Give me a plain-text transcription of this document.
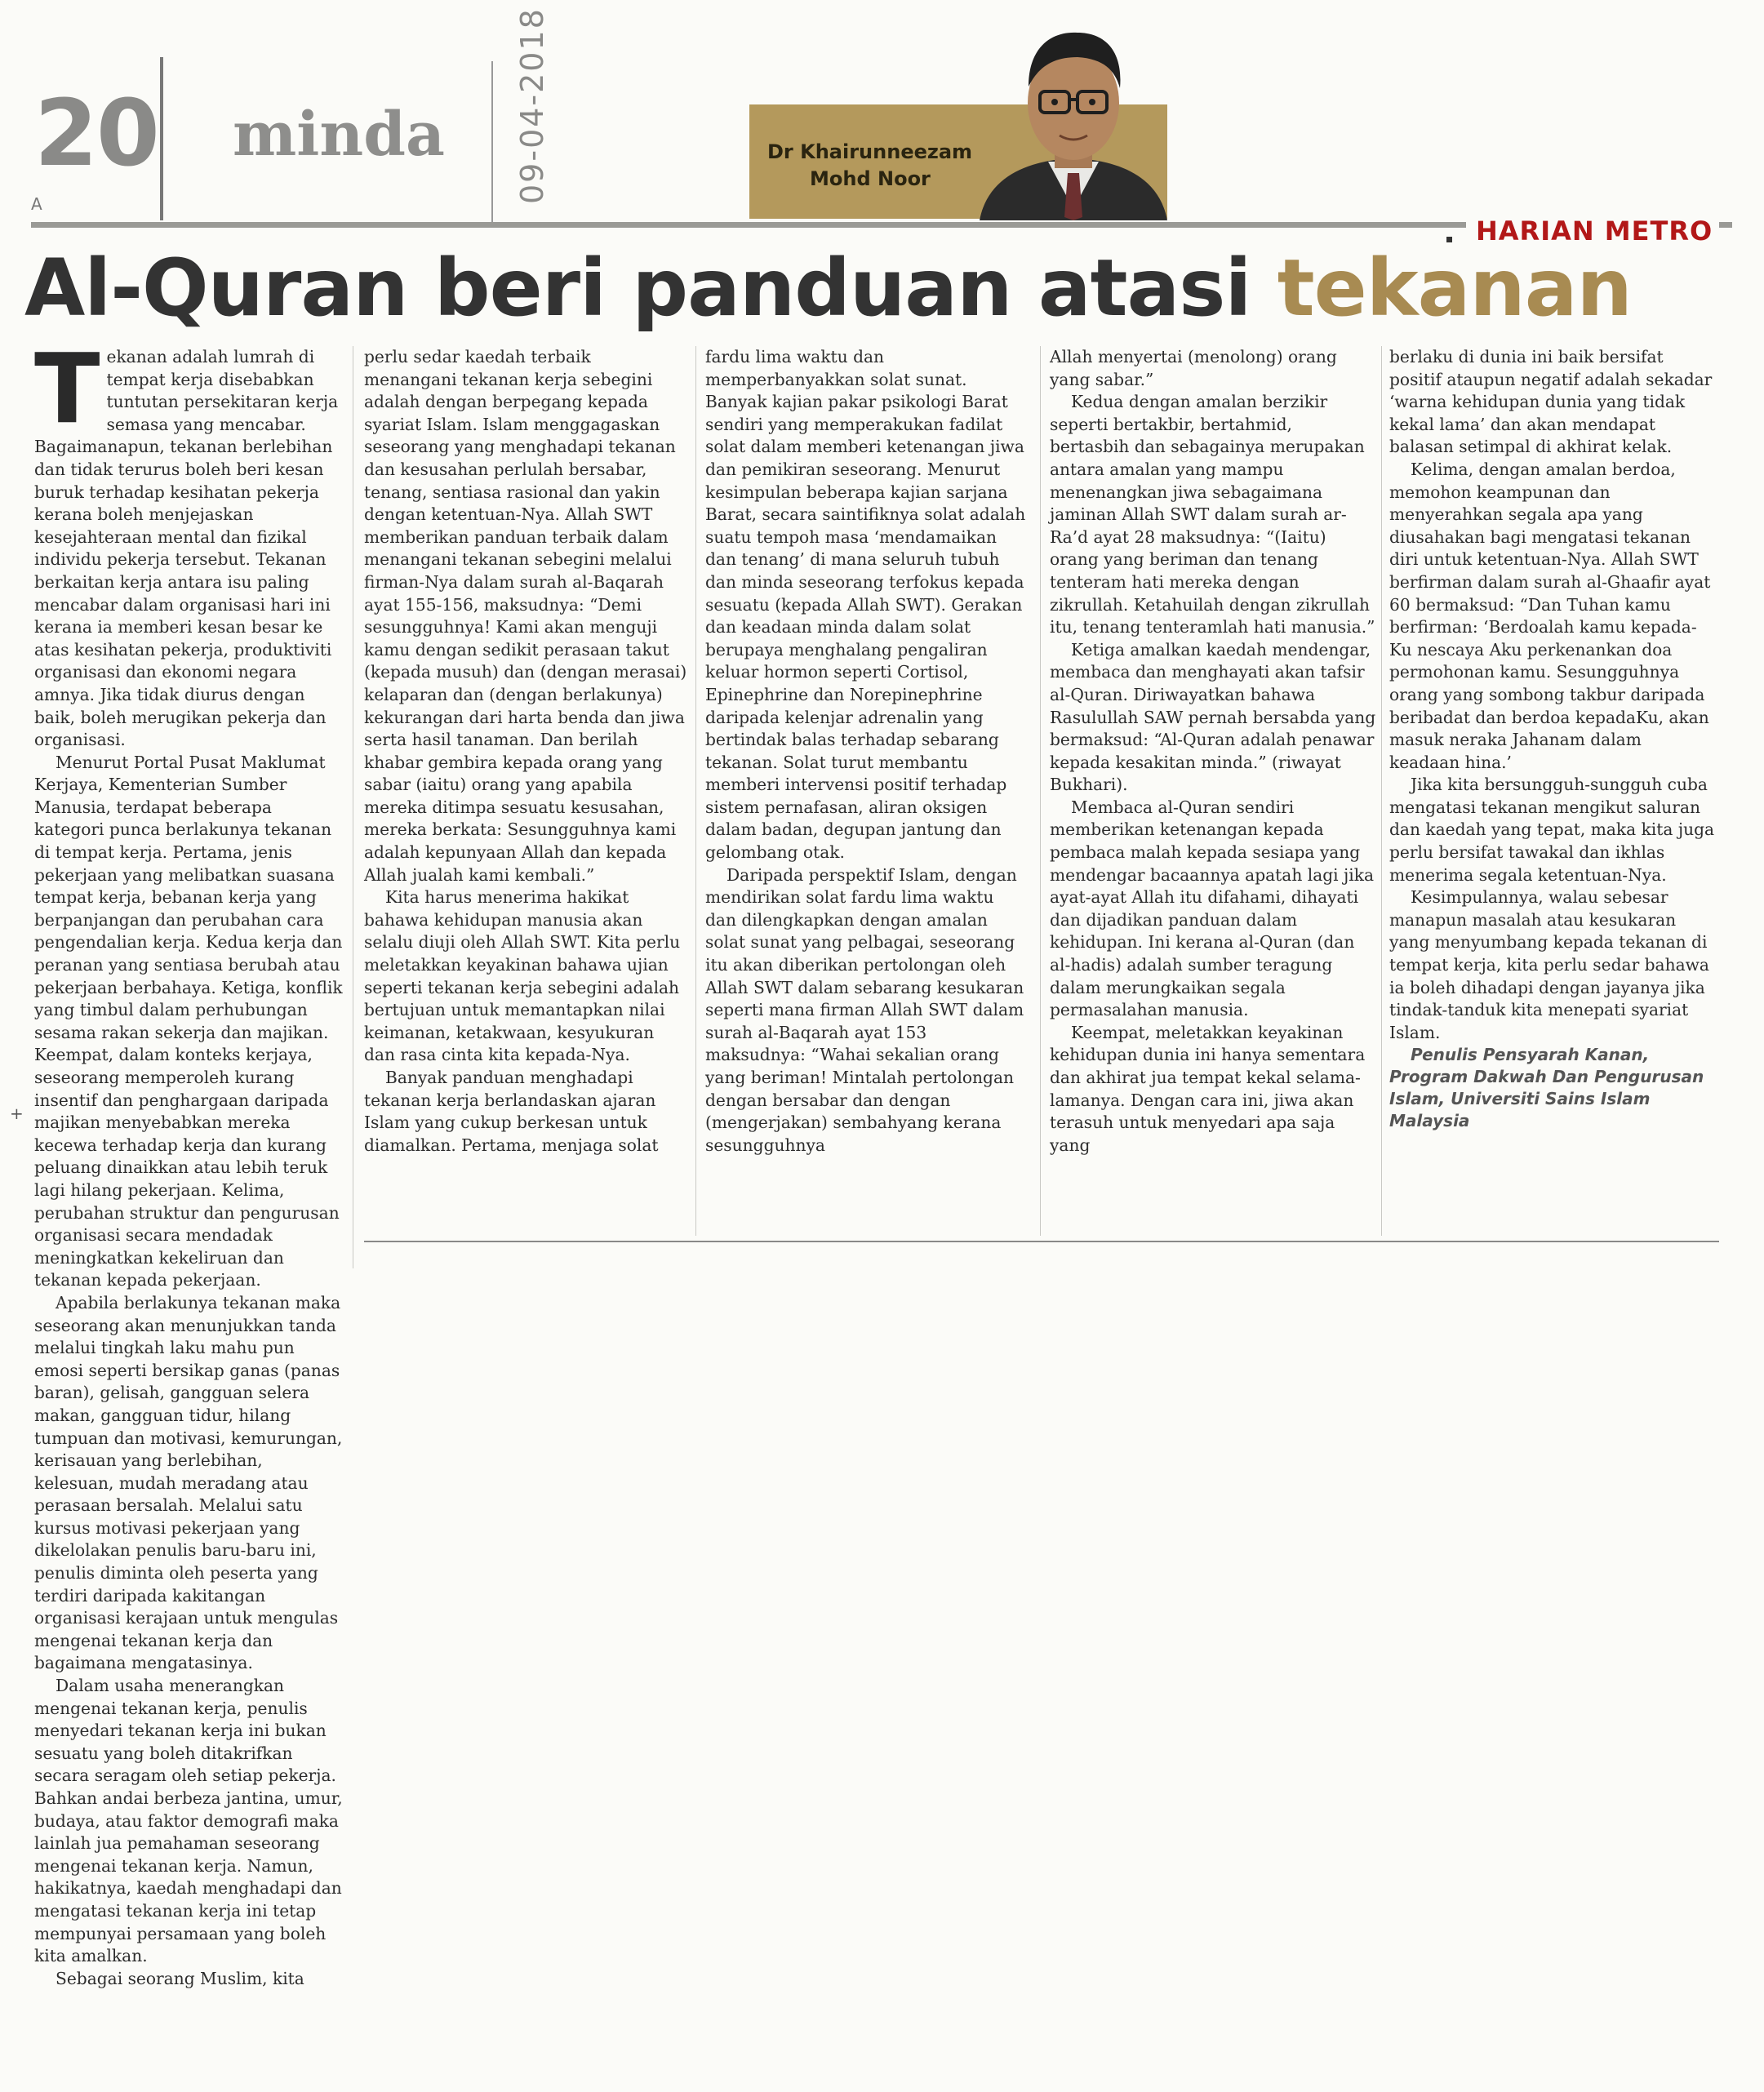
20
A
minda 09-04-2018	Dr Khairunneezam
Mohd Noor
HARIAN METRO
Al-Quran beri panduan atasi tekanan
+

Tekanan adalah lumrah di tempat kerja disebabkan tuntutan persekitaran kerja semasa yang mencabar. Bagaimanapun, tekanan berlebihan dan tidak terurus boleh beri kesan buruk terhadap kesihatan pekerja kerana boleh menjejaskan kesejahteraan mental dan fizikal individu pekerja tersebut. Tekanan berkaitan kerja antara isu paling mencabar dalam organisasi hari ini kerana ia memberi kesan besar ke atas kesihatan pekerja, produktiviti organisasi dan ekonomi negara amnya. Jika tidak diurus dengan baik, boleh merugikan pekerja dan organisasi.

Menurut Portal Pusat Maklumat Kerjaya, Kementerian Sumber Manusia, terdapat beberapa kategori punca berlakunya tekanan di tempat kerja. Pertama, jenis pekerjaan yang melibatkan suasana tempat kerja, bebanan kerja yang berpanjangan dan perubahan cara pengendalian kerja. Kedua kerja dan peranan yang sentiasa berubah atau pekerjaan berbahaya. Ketiga, konflik yang timbul dalam perhubungan sesama rakan sekerja dan majikan. Keempat, dalam konteks kerjaya, seseorang memperoleh kurang insentif dan penghargaan daripada majikan menyebabkan mereka kecewa terhadap kerja dan kurang peluang dinaikkan atau lebih teruk lagi hilang pekerjaan. Kelima, perubahan struktur dan pengurusan organisasi secara mendadak meningkatkan kekeliruan dan tekanan kepada pekerjaan.

Apabila berlakunya tekanan maka seseorang akan menunjukkan tanda melalui tingkah laku mahu pun emosi seperti bersikap ganas (panas baran), gelisah, gangguan selera makan, gangguan tidur, hilang tumpuan dan motivasi, kemurungan, kerisauan yang berlebihan, kelesuan, mudah meradang atau perasaan bersalah. Melalui satu kursus motivasi pekerjaan yang dikelolakan penulis baru-baru ini, penulis diminta oleh peserta yang terdiri daripada kakitangan organisasi kerajaan untuk mengulas mengenai tekanan kerja dan bagaimana mengatasinya.

Dalam usaha menerangkan mengenai tekanan kerja, penulis menyedari tekanan kerja ini bukan sesuatu yang boleh ditakrifkan secara seragam oleh setiap pekerja. Bahkan andai berbeza jantina, umur, budaya, atau faktor demografi maka lainlah jua pemahaman seseorang mengenai tekanan kerja. Namun, hakikatnya, kaedah menghadapi dan mengatasi tekanan kerja ini tetap mempunyai persamaan yang boleh kita amalkan.

Sebagai seorang Muslim, kita

perlu sedar kaedah terbaik menangani tekanan kerja sebegini adalah dengan berpegang kepada syariat Islam. Islam menggagaskan seseorang yang menghadapi tekanan dan kesusahan perlulah bersabar, tenang, sentiasa rasional dan yakin dengan ketentuan-Nya. Allah SWT memberikan panduan terbaik dalam menangani tekanan sebegini melalui firman-Nya dalam surah al-Baqarah ayat 155-156, maksudnya: “Demi sesungguhnya! Kami akan menguji kamu dengan sedikit perasaan takut (kepada musuh) dan (dengan merasai) kelaparan dan (dengan berlakunya) kekurangan dari harta benda dan jiwa serta hasil tanaman. Dan berilah khabar gembira kepada orang yang sabar (iaitu) orang yang apabila mereka ditimpa sesuatu kesusahan, mereka berkata: Sesungguhnya kami adalah kepunyaan Allah dan kepada Allah jualah kami kembali.”

Kita harus menerima hakikat bahawa kehidupan manusia akan selalu diuji oleh Allah SWT. Kita perlu meletakkan keyakinan bahawa ujian seperti tekanan kerja sebegini adalah bertujuan untuk memantapkan nilai keimanan, ketakwaan, kesyukuran dan rasa cinta kita kepada-Nya.

Banyak panduan menghadapi tekanan kerja berlandaskan ajaran Islam yang cukup berkesan untuk diamalkan. Pertama, menjaga solat

fardu lima waktu dan memperbanyakkan solat sunat. Banyak kajian pakar psikologi Barat sendiri yang memperakukan fadilat solat dalam memberi ketenangan jiwa dan pemikiran seseorang. Menurut kesimpulan beberapa kajian sarjana Barat, secara saintifiknya solat adalah suatu tempoh masa ‘mendamaikan dan tenang’ di mana seluruh tubuh dan minda seseorang terfokus kepada sesuatu (kepada Allah SWT). Gerakan dan keadaan minda dalam solat berupaya menghalang pengaliran keluar hormon seperti Cortisol, Epinephrine dan Norepinephrine daripada kelenjar adrenalin yang bertindak balas terhadap sebarang tekanan. Solat turut membantu memberi intervensi positif terhadap sistem pernafasan, aliran oksigen dalam badan, degupan jantung dan gelombang otak.

Daripada perspektif Islam, dengan mendirikan solat fardu lima waktu dan dilengkapkan dengan amalan solat sunat yang pelbagai, seseorang itu akan diberikan pertolongan oleh Allah SWT dalam sebarang kesukaran seperti mana firman Allah SWT dalam surah al-Baqarah ayat 153 maksudnya: “Wahai sekalian orang yang beriman! Mintalah pertolongan dengan bersabar dan dengan (mengerjakan) sembahyang kerana sesungguhnya

Allah menyertai (menolong) orang yang sabar.”

Kedua dengan amalan berzikir seperti bertakbir, bertahmid, bertasbih dan sebagainya merupakan antara amalan yang mampu menenangkan jiwa sebagaimana jaminan Allah SWT dalam surah ar-Ra’d ayat 28 maksudnya: “(Iaitu) orang yang beriman dan tenang tenteram hati mereka dengan zikrullah. Ketahuilah dengan zikrullah itu, tenang tenteramlah hati manusia.”

Ketiga amalkan kaedah mendengar, membaca dan menghayati akan tafsir al-Quran. Diriwayatkan bahawa Rasulullah SAW pernah bersabda yang bermaksud: “Al-Quran adalah penawar kepada kesakitan minda.” (riwayat Bukhari).

Membaca al-Quran sendiri memberikan ketenangan kepada pembaca malah kepada sesiapa yang mendengar bacaannya apatah lagi jika ayat-ayat Allah itu difahami, dihayati dan dijadikan panduan dalam kehidupan. Ini kerana al-Quran (dan al-hadis) adalah sumber teragung dalam merungkaikan segala permasalahan manusia.

Keempat, meletakkan keyakinan kehidupan dunia ini hanya sementara dan akhirat jua tempat kekal selama-lamanya. Dengan cara ini, jiwa akan terasuh untuk menyedari apa saja yang

berlaku di dunia ini baik bersifat positif ataupun negatif adalah sekadar ‘warna kehidupan dunia yang tidak kekal lama’ dan akan mendapat balasan setimpal di akhirat kelak.

Kelima, dengan amalan berdoa, memohon keampunan dan menyerahkan segala apa yang diusahakan bagi mengatasi tekanan diri untuk ketentuan-Nya. Allah SWT berfirman dalam surah al-Ghaafir ayat 60 bermaksud: “Dan Tuhan kamu berfirman: ‘Berdoalah kamu kepada-Ku nescaya Aku perkenankan doa permohonan kamu. Sesungguhnya orang yang sombong takbur daripada beribadat dan berdoa kepadaKu, akan masuk neraka Jahanam dalam keadaan hina.’

Jika kita bersungguh-sungguh cuba mengatasi tekanan mengikut saluran dan kaedah yang tepat, maka kita juga perlu bersifat tawakal dan ikhlas menerima segala ketentuan-Nya.

Kesimpulannya, walau sebesar manapun masalah atau kesukaran yang menyumbang kepada tekanan di tempat kerja, kita perlu sedar bahawa ia boleh dihadapi dengan jayanya jika tindak-tanduk kita menepati syariat Islam.

Penulis Pensyarah Kanan, Program Dakwah Dan Pengurusan Islam, Universiti Sains Islam Malaysia
